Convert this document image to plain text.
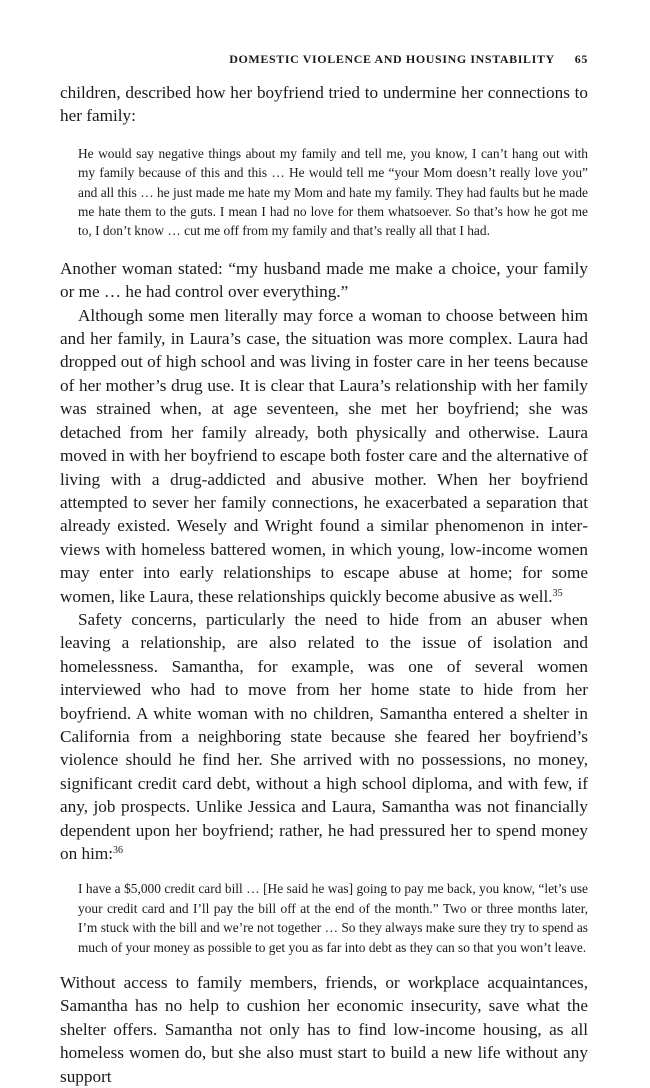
DOMESTIC VIOLENCE AND HOUSING INSTABILITY 65

children, described how her boyfriend tried to undermine her connections to her family:

He would say negative things about my family and tell me, you know, I can’t hang out with my family because of this and this … He would tell me “your Mom doesn’t really love you” and all this … he just made me hate my Mom and hate my family. They had faults but he made me hate them to the guts. I mean I had no love for them whatsoever. So that’s how he got me to, I don’t know … cut me off from my family and that’s really all that I had.

Another woman stated: “my husband made me make a choice, your family or me … he had control over everything.”

Although some men literally may force a woman to choose between him and her family, in Laura’s case, the situation was more complex. Laura had dropped out of high school and was living in foster care in her teens because of her mother’s drug use. It is clear that Laura’s relationship with her family was strained when, at age seventeen, she met her boyfriend; she was detached from her family already, both physically and otherwise. Laura moved in with her boyfriend to escape both foster care and the alternative of living with a drug-addicted and abusive mother. When her boyfriend attempted to sever her family connections, he exacerbated a separation that already existed. Wesely and Wright found a similar phenomenon in interviews with homeless battered women, in which young, low-income women may enter into early relationships to escape abuse at home; for some women, like Laura, these relationships quickly become abusive as well.$^{35}$

Safety concerns, particularly the need to hide from an abuser when leaving a relationship, are also related to the issue of isolation and homelessness. Samantha, for example, was one of several women interviewed who had to move from her home state to hide from her boyfriend. A white woman with no children, Samantha entered a shelter in California from a neighboring state because she feared her boyfriend’s violence should he find her. She arrived with no possessions, no money, significant credit card debt, without a high school diploma, and with few, if any, job prospects. Unlike Jessica and Laura, Samantha was not financially dependent upon her boyfriend; rather, he had pressured her to spend money on him:$^{36}$

I have a $5,000 credit card bill … [He said he was] going to pay me back, you know, “let’s use your credit card and I’ll pay the bill off at the end of the month.” Two or three months later, I’m stuck with the bill and we’re not together … So they always make sure they try to spend as much of your money as possible to get you as far into debt as they can so that you won’t leave.

Without access to family members, friends, or workplace acquaintances, Samantha has no help to cushion her economic insecurity, save what the shelter offers. Samantha not only has to find low-income housing, as all homeless women do, but she also must start to build a new life without any support
